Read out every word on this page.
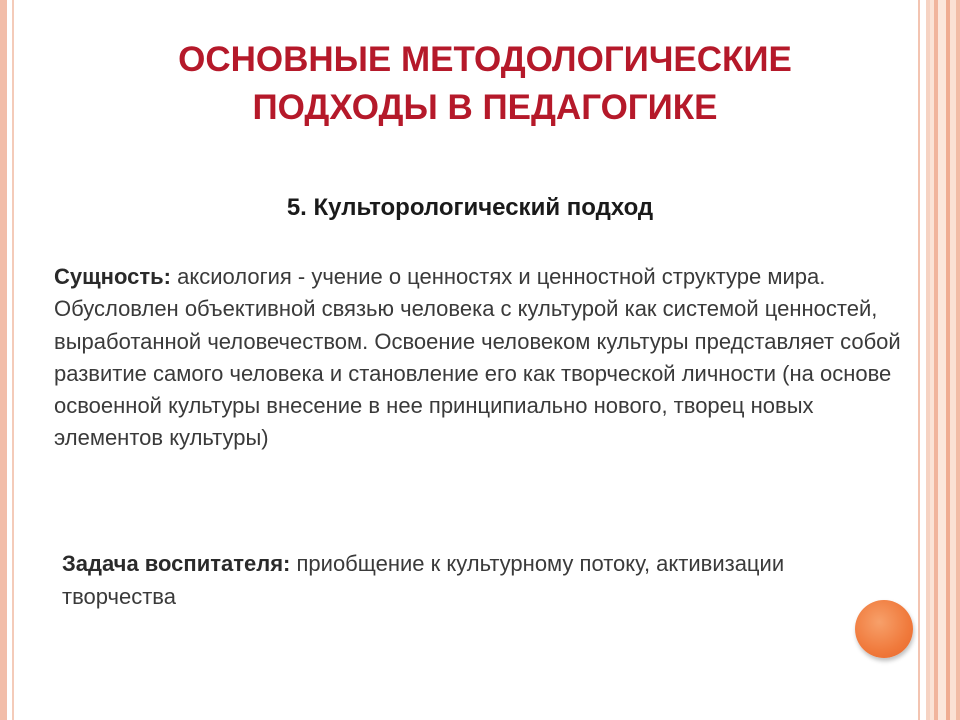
ОСНОВНЫЕ МЕТОДОЛОГИЧЕСКИЕ ПОДХОДЫ В ПЕДАГОГИКЕ
5. Культорологический подход

Сущность: аксиология - учение о ценностях и ценностной структуре мира. Обусловлен объективной связью человека с культурой как системой ценностей, выработанной человечеством. Освоение человеком культуры представляет собой развитие самого человека и становление его как творческой личности (на основе освоенной культуры внесение в нее принципиально нового, творец новых элементов культуры)

Задача воспитателя: приобщение к культурному потоку, активизации творчества
